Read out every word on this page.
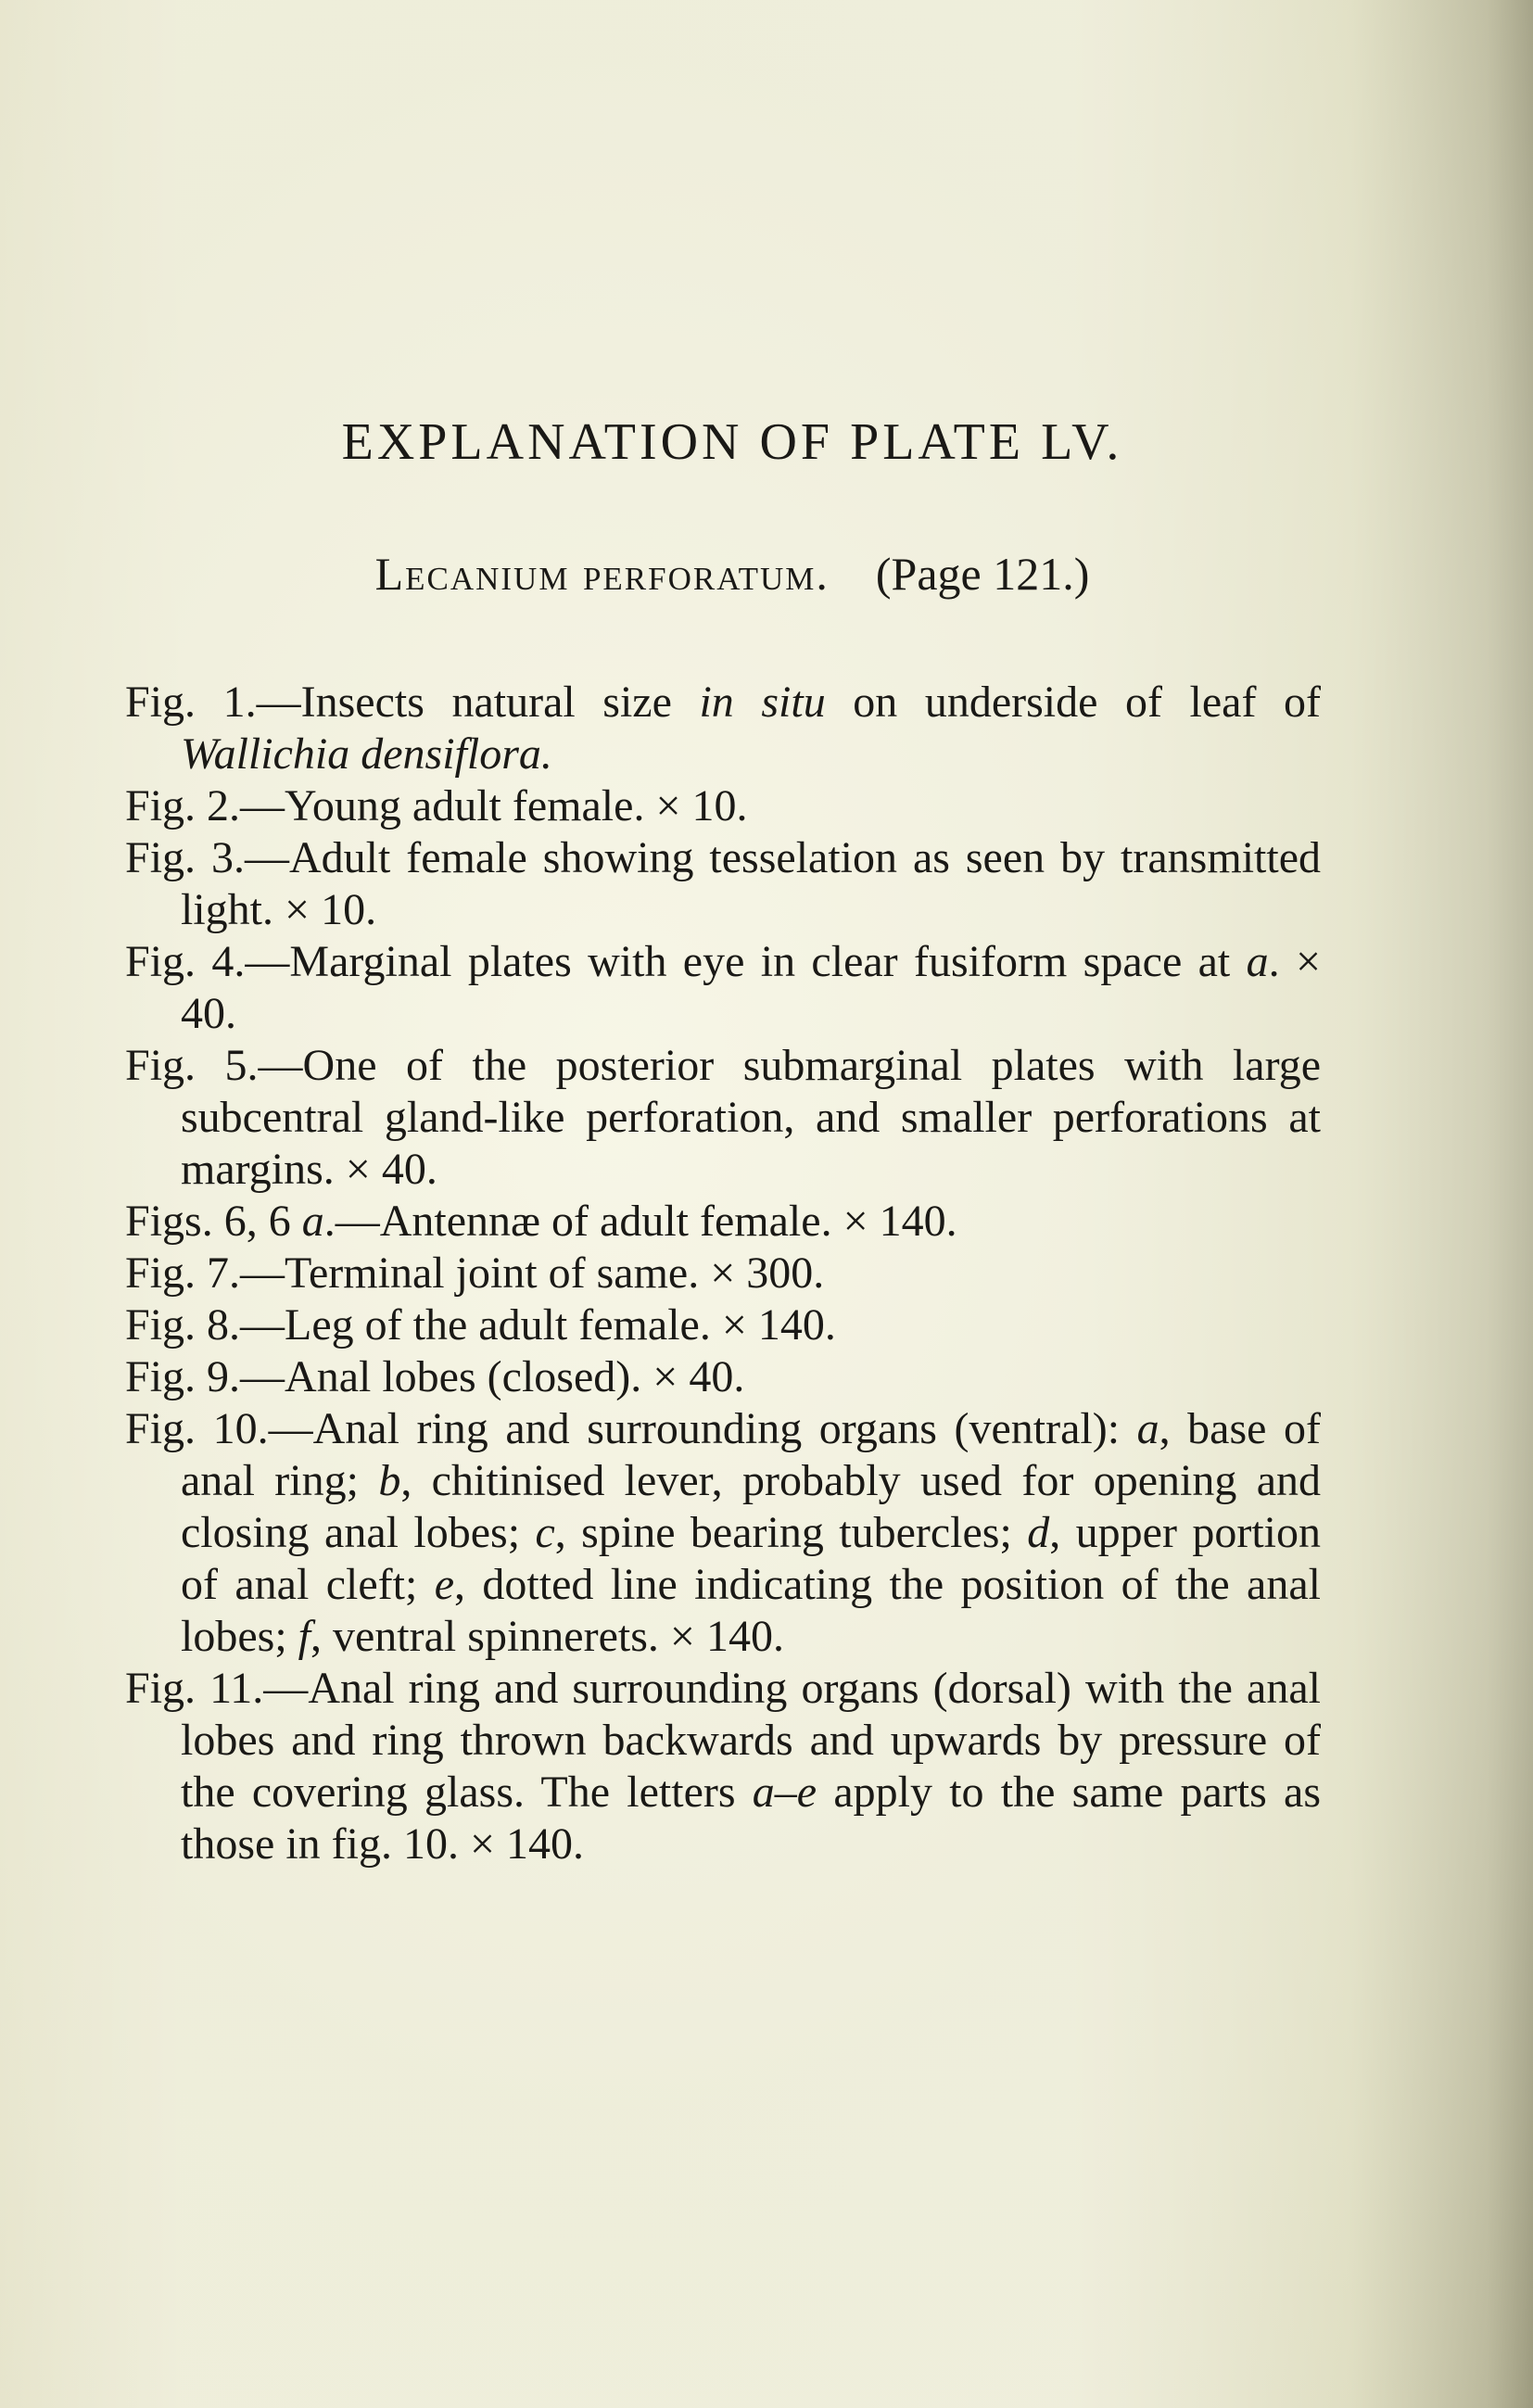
EXPLANATION OF PLATE LV.
Lecanium perforatum. (Page 121.)

Fig. 1.—Insects natural size in situ on underside of leaf of Wallichia densiflora.

Fig. 2.—Young adult female. × 10.

Fig. 3.—Adult female showing tesselation as seen by transmitted light. × 10.

Fig. 4.—Marginal plates with eye in clear fusiform space at a. × 40.

Fig. 5.—One of the posterior submarginal plates with large subcentral gland-like perforation, and smaller perforations at margins. × 40.

Figs. 6, 6 a.—Antennæ of adult female. × 140.

Fig. 7.—Terminal joint of same. × 300.

Fig. 8.—Leg of the adult female. × 140.

Fig. 9.—Anal lobes (closed). × 40.

Fig. 10.—Anal ring and surrounding organs (ventral): a, base of anal ring; b, chitinised lever, probably used for opening and closing anal lobes; c, spine bearing tubercles; d, upper portion of anal cleft; e, dotted line indicating the position of the anal lobes; f, ventral spinnerets. × 140.

Fig. 11.—Anal ring and surrounding organs (dorsal) with the anal lobes and ring thrown backwards and upwards by pressure of the covering glass. The letters a–e apply to the same parts as those in fig. 10. × 140.
